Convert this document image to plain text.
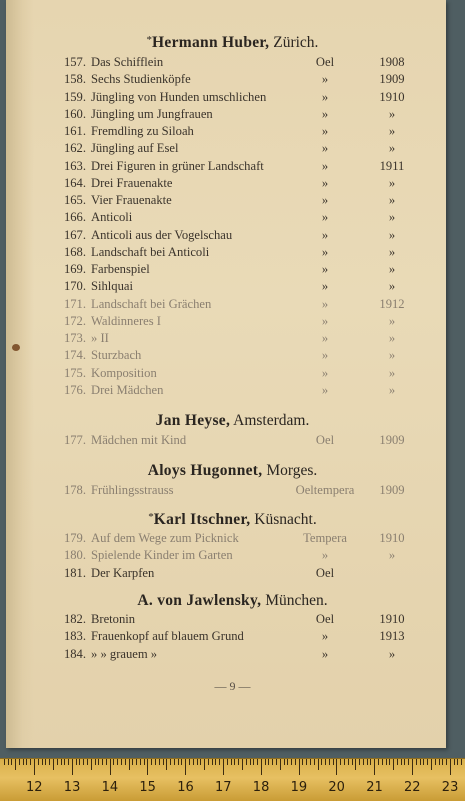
*Hermann Huber, Zürich.
157. Das Schifflein	Oel	1908
158. Sechs Studienköpfe	»	1909
159. Jüngling von Hunden umschlichen	»	1910
160. Jüngling um Jungfrauen	»	»
161. Fremdling zu Siloah	»	»
162. Jüngling auf Esel	»	»
163. Drei Figuren in grüner Landschaft	»	1911
164. Drei Frauenakte	»	»
165. Vier Frauenakte	»	»
166. Anticoli	»	»
167. Anticoli aus der Vogelschau	»	»
168. Landschaft bei Anticoli	»	»
169. Farbenspiel	»	»
170. Sihlquai	»	»
171. Landschaft bei Grächen	»	1912
172. Waldinneres I	»	»
173. » II	»	»
174. Sturzbach	»	»
175. Komposition	»	»
176. Drei Mädchen	»	»
Jan Heyse, Amsterdam.
177. Mädchen mit Kind	Oel	1909
Aloys Hugonnet, Morges.
178. Frühlingsstrauss	Oeltempera	1909
*Karl Itschner, Küsnacht.
179. Auf dem Wege zum Picknick	Tempera	1910
180. Spielende Kinder im Garten	»	»
181. Der Karpfen	Oel
A. von Jawlensky, München.
182. Bretonin	Oel	1910
183. Frauenkopf auf blauem Grund	»	1913
184. » » grauem »	»	»
— 9 —
12 13 14 15 16 17 18 19 20 21 22 23
